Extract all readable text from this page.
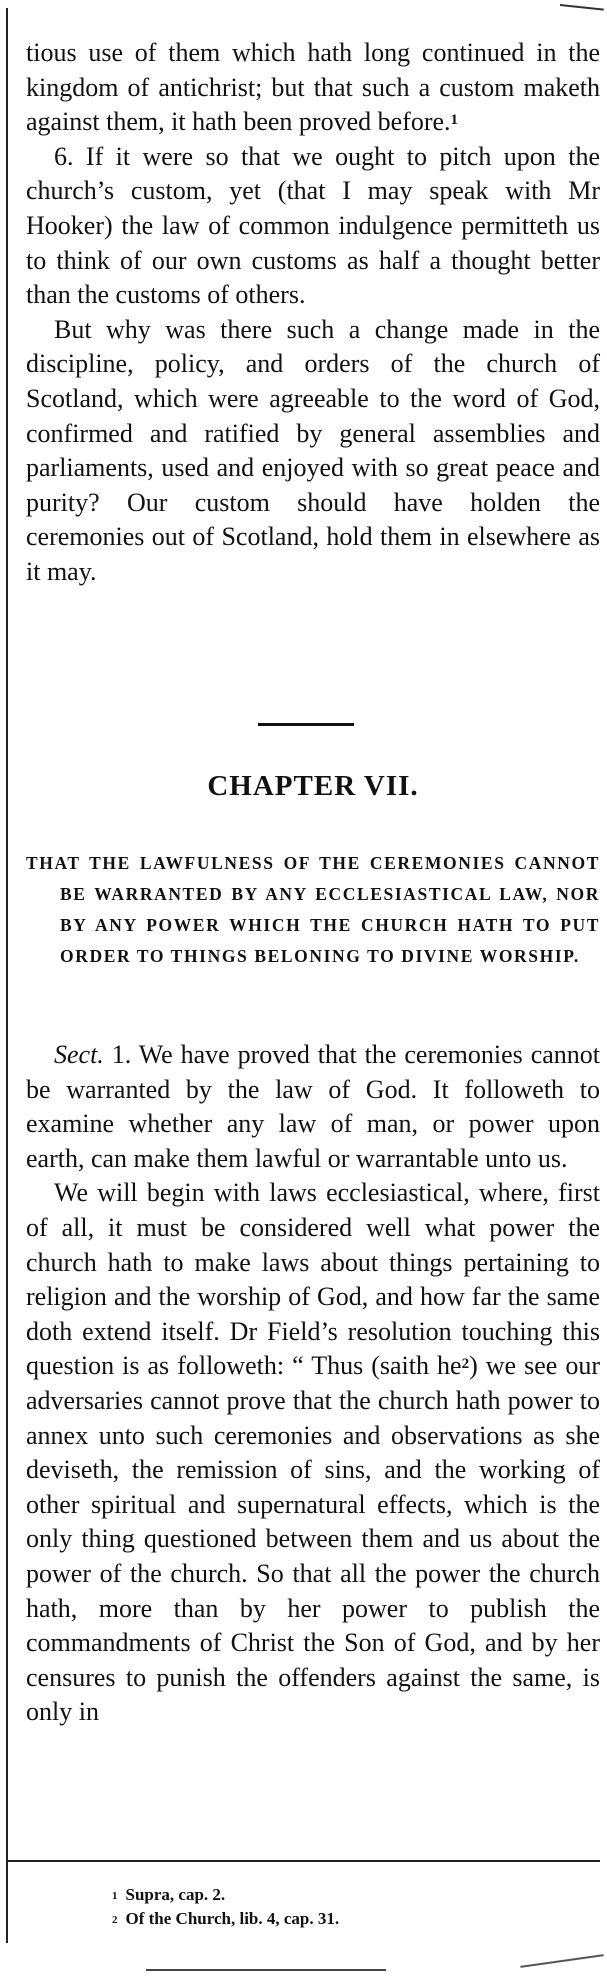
tious use of them which hath long continued in the kingdom of antichrist; but that such a custom maketh against them, it hath been proved before.$^1$

6. If it were so that we ought to pitch upon the church’s custom, yet (that I may speak with Mr Hooker) the law of common indulgence permitteth us to think of our own customs as half a thought better than the customs of others.

But why was there such a change made in the discipline, policy, and orders of the church of Scotland, which were agreeable to the word of God, confirmed and ratified by general assemblies and parliaments, used and enjoyed with so great peace and purity? Our custom should have holden the ceremonies out of Scotland, hold them in elsewhere as it may.

CHAPTER VII.

THAT THE LAWFULNESS OF THE CEREMONIES CANNOT BE WARRANTED BY ANY ECCLESIASTICAL LAW, NOR BY ANY POWER WHICH THE CHURCH HATH TO PUT ORDER TO THINGS BELONING TO DIVINE WORSHIP.

Sect. 1. We have proved that the ceremonies cannot be warranted by the law of God. It followeth to examine whether any law of man, or power upon earth, can make them lawful or warrantable unto us.

We will begin with laws ecclesiastical, where, first of all, it must be considered well what power the church hath to make laws about things pertaining to religion and the worship of God, and how far the same doth extend itself. Dr Field’s resolution touching this question is as followeth: “ Thus (saith $he^2$) we see our adversaries cannot prove that the church hath power to annex unto such ceremonies and observations as she deviseth, the remission of sins, and the working of other spiritual and supernatural effects, which is the only thing questioned between them and us about the power of the church. So that all the power the church hath, more than by her power to publish the commandments of Christ the Son of God, and by her censures to punish the offenders against the same, is only in

$^1$ Supra, cap. 2.
$^2$ Of the Church, lib. 4, cap. 31.
